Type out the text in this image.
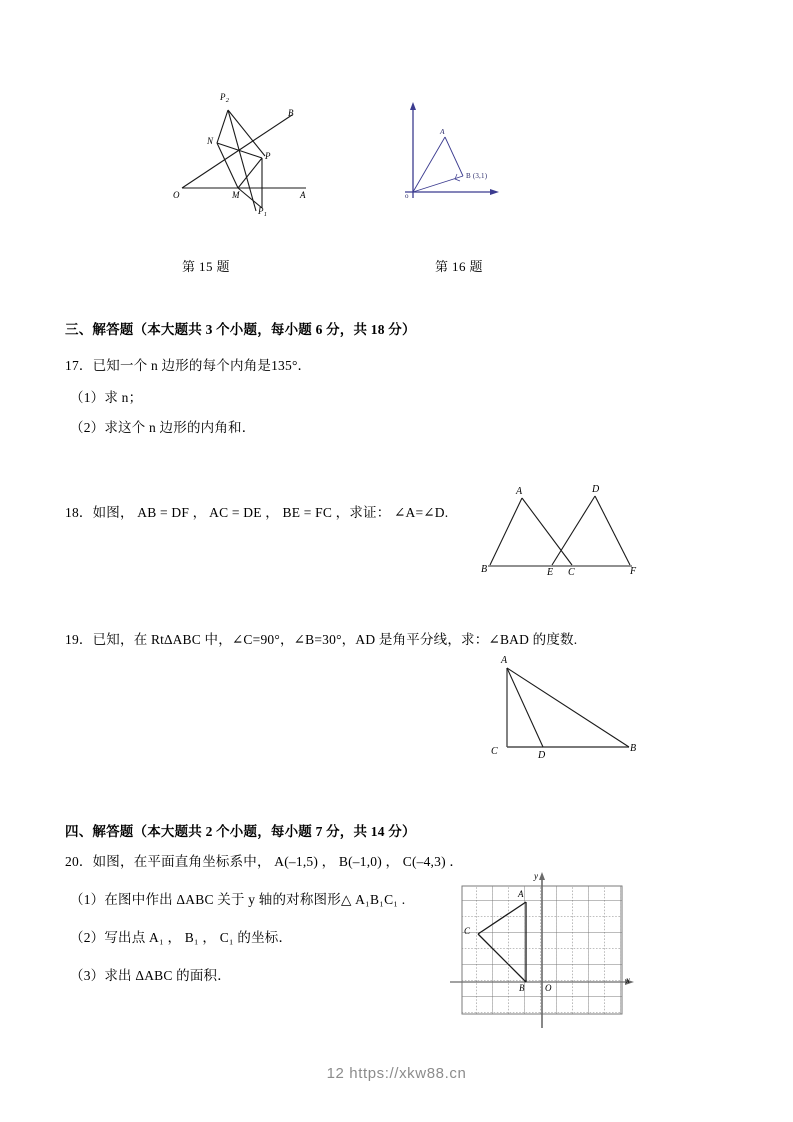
$P_2$
$P_1$
N
M
P
O	A
B
A
B (3,1)
o
第 15 题	第 16 题
三、解答题（本大题共 3 个小题，每小题 6 分，共 18 分）
17．已知一个 n 边形的每个内角是135°．
（1）求 n；
（2）求这个 n 边形的内角和．
18．如图， AB = DF ， AC = DE ， BE = FC ，求证： ∠A=∠D.
A	D
B	E C	F
19．已知，在 Rt∆ABC 中，∠C=90°，∠B=30°，AD 是角平分线，求：∠BAD 的度数.
A
C	D
B
四、解答题（本大题共 2 个小题，每小题 7 分，共 14 分）
20．如图，在平面直角坐标系中， A(–1,5) ， B(–1,0) ， C(–4,3) ．
（1）在图中作出 ΔABC 关于 y 轴的对称图形△ A₁B₁C₁ .
（2）写出点 A₁ ， B₁ ， C₁ 的坐标．
（3）求出 ΔABC 的面积．
y
x
O
A
B
C
12 https://xkw88.cn
